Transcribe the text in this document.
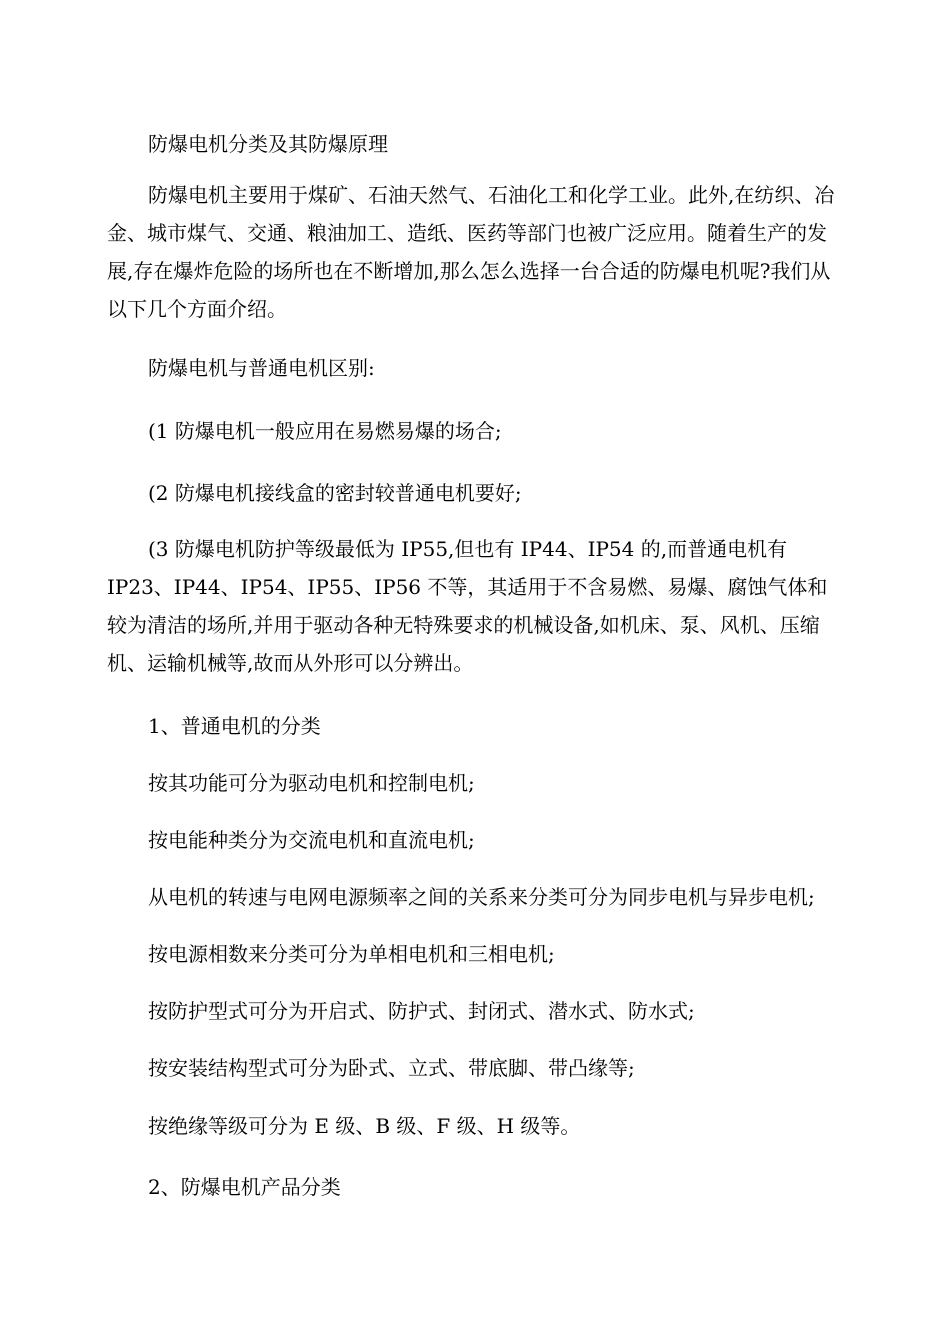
防爆电机分类及其防爆原理

防爆电机主要用于煤矿、石油天然气、石油化工和化学工业。此外,在纺织、冶金、城市煤气、交通、粮油加工、造纸、医药等部门也被广泛应用。随着生产的发展,存在爆炸危险的场所也在不断增加,那么怎么选择一台合适的防爆电机呢?我们从以下几个方面介绍。

防爆电机与普通电机区别:

(1 防爆电机一般应用在易燃易爆的场合;

(2 防爆电机接线盒的密封较普通电机要好;

(3 防爆电机防护等级最低为 IP55,但也有 IP44、IP54 的,而普通电机有 IP23、IP44、IP54、IP55、IP56 不等，其适用于不含易燃、易爆、腐蚀气体和较为清洁的场所,并用于驱动各种无特殊要求的机械设备,如机床、泵、风机、压缩机、运输机械等,故而从外形可以分辨出。

1、普通电机的分类

按其功能可分为驱动电机和控制电机;

按电能种类分为交流电机和直流电机;

从电机的转速与电网电源频率之间的关系来分类可分为同步电机与异步电机;

按电源相数来分类可分为单相电机和三相电机;

按防护型式可分为开启式、防护式、封闭式、潜水式、防水式;

按安装结构型式可分为卧式、立式、带底脚、带凸缘等;

按绝缘等级可分为 E 级、B 级、F 级、H 级等。

2、防爆电机产品分类
